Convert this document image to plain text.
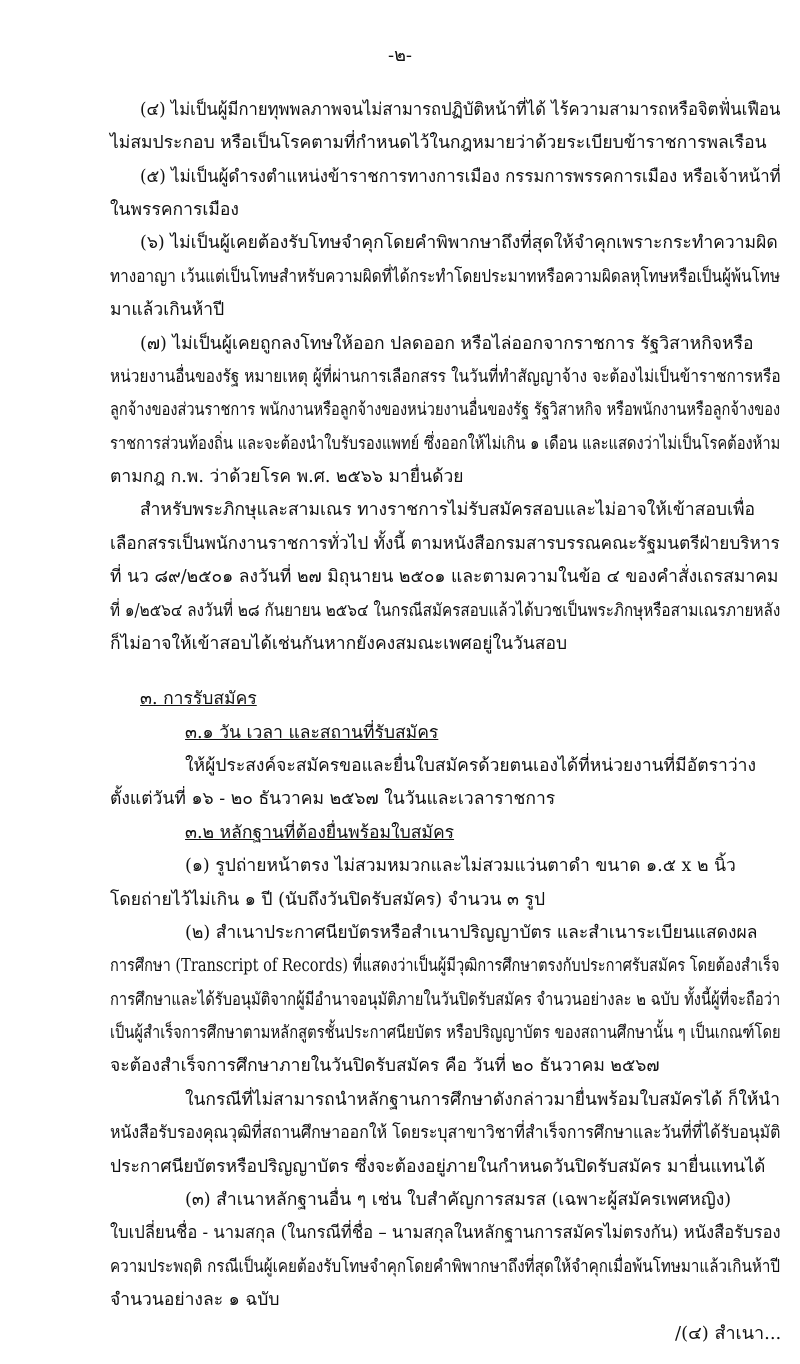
-๒-
(๔) ไม่เป็นผู้มีกายทุพพลภาพจนไม่สามารถปฏิบัติหน้าที่ได้ ไร้ความสามารถหรือจิตฟั่นเฟือน
ไม่สมประกอบ หรือเป็นโรคตามที่กำหนดไว้ในกฎหมายว่าด้วยระเบียบข้าราชการพลเรือน
(๕) ไม่เป็นผู้ดำรงตำแหน่งข้าราชการทางการเมือง กรรมการพรรคการเมือง หรือเจ้าหน้าที่
ในพรรคการเมือง
(๖) ไม่เป็นผู้เคยต้องรับโทษจำคุกโดยคำพิพากษาถึงที่สุดให้จำคุกเพราะกระทำความผิด
ทางอาญา เว้นแต่เป็นโทษสำหรับความผิดที่ได้กระทำโดยประมาทหรือความผิดลหุโทษหรือเป็นผู้พ้นโทษ
มาแล้วเกินห้าปี
(๗) ไม่เป็นผู้เคยถูกลงโทษให้ออก ปลดออก หรือไล่ออกจากราชการ รัฐวิสาหกิจหรือ
หน่วยงานอื่นของรัฐ หมายเหตุ ผู้ที่ผ่านการเลือกสรร ในวันที่ทำสัญญาจ้าง จะต้องไม่เป็นข้าราชการหรือ
ลูกจ้างของส่วนราชการ พนักงานหรือลูกจ้างของหน่วยงานอื่นของรัฐ รัฐวิสาหกิจ หรือพนักงานหรือลูกจ้างของ
ราชการส่วนท้องถิ่น และจะต้องนำใบรับรองแพทย์ ซึ่งออกให้ไม่เกิน ๑ เดือน และแสดงว่าไม่เป็นโรคต้องห้าม
ตามกฎ ก.พ. ว่าด้วยโรค พ.ศ. ๒๕๖๖ มายื่นด้วย
สำหรับพระภิกษุและสามเณร ทางราชการไม่รับสมัครสอบและไม่อาจให้เข้าสอบเพื่อ
เลือกสรรเป็นพนักงานราชการทั่วไป ทั้งนี้ ตามหนังสือกรมสารบรรณคณะรัฐมนตรีฝ่ายบริหาร
ที่ นว ๘๙/๒๕๐๑ ลงวันที่ ๒๗ มิถุนายน ๒๕๐๑ และตามความในข้อ ๔ ของคำสั่งเถรสมาคม
ที่ ๑/๒๕๖๔ ลงวันที่ ๒๘ กันยายน ๒๕๖๔ ในกรณีสมัครสอบแล้วได้บวชเป็นพระภิกษุหรือสามเณรภายหลัง
ก็ไม่อาจให้เข้าสอบได้เช่นกันหากยังคงสมณะเพศอยู่ในวันสอบ
๓. การรับสมัคร
๓.๑ วัน เวลา และสถานที่รับสมัคร
ให้ผู้ประสงค์จะสมัครขอและยื่นใบสมัครด้วยตนเองได้ที่หน่วยงานที่มีอัตราว่าง
ตั้งแต่วันที่ ๑๖ - ๒๐ ธันวาคม ๒๕๖๗ ในวันและเวลาราชการ
๓.๒ หลักฐานที่ต้องยื่นพร้อมใบสมัคร
(๑) รูปถ่ายหน้าตรง ไม่สวมหมวกและไม่สวมแว่นตาดำ ขนาด ๑.๕ x ๒ นิ้ว
โดยถ่ายไว้ไม่เกิน ๑ ปี (นับถึงวันปิดรับสมัคร) จำนวน ๓ รูป
(๒) สำเนาประกาศนียบัตรหรือสำเนาปริญญาบัตร และสำเนาระเบียนแสดงผล
การศึกษา (Transcript of Records) ที่แสดงว่าเป็นผู้มีวุฒิการศึกษาตรงกับประกาศรับสมัคร โดยต้องสำเร็จ
การศึกษาและได้รับอนุมัติจากผู้มีอำนาจอนุมัติภายในวันปิดรับสมัคร จำนวนอย่างละ ๒ ฉบับ ทั้งนี้ผู้ที่จะถือว่า
เป็นผู้สำเร็จการศึกษาตามหลักสูตรชั้นประกาศนียบัตร หรือปริญญาบัตร ของสถานศึกษานั้น ๆ เป็นเกณฑ์โดย
จะต้องสำเร็จการศึกษาภายในวันปิดรับสมัคร คือ วันที่ ๒๐ ธันวาคม ๒๕๖๗
ในกรณีที่ไม่สามารถนำหลักฐานการศึกษาดังกล่าวมายื่นพร้อมใบสมัครได้ ก็ให้นำ
หนังสือรับรองคุณวุฒิที่สถานศึกษาออกให้ โดยระบุสาขาวิชาที่สำเร็จการศึกษาและวันที่ที่ได้รับอนุมัติ
ประกาศนียบัตรหรือปริญญาบัตร ซึ่งจะต้องอยู่ภายในกำหนดวันปิดรับสมัคร มายื่นแทนได้
(๓) สำเนาหลักฐานอื่น ๆ เช่น ใบสำคัญการสมรส (เฉพาะผู้สมัครเพศหญิง)
ใบเปลี่ยนชื่อ - นามสกุล (ในกรณีที่ชื่อ – นามสกุลในหลักฐานการสมัครไม่ตรงกัน) หนังสือรับรอง
ความประพฤติ กรณีเป็นผู้เคยต้องรับโทษจำคุกโดยคำพิพากษาถึงที่สุดให้จำคุกเมื่อพ้นโทษมาแล้วเกินห้าปี
จำนวนอย่างละ ๑ ฉบับ
/(๔) สำเนา...
